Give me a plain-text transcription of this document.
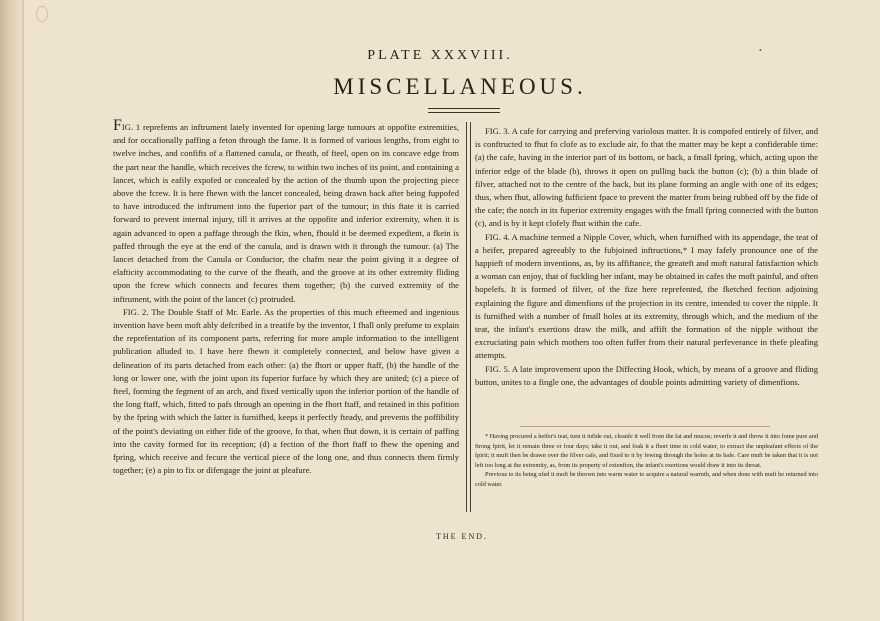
PLATE XXXVIII.
MISCELLANEOUS.
•

FIG. 1 reprefents an inftrument lately invented for opening large tumours at oppofite extremities, and for occafionally paffing a feton through the fame. It is formed of various lengths, from eight to twelve inches, and confifts of a flattened canula, or fheath, of fteel, open on its concave edge from the part near the handle, which receives the fcrew, to within two inches of its point, and containing a lancet, which is eafily expofed or concealed by the action of the thumb upon the projecting piece above the fcrew. It is here fhewn with the lancet concealed, being drawn back after being fuppofed to have introduced the inftrument into the fuperior part of the tumour; in this ftate it is carried forward to prevent internal injury, till it arrives at the oppofite and inferior extremity, when it is again advanced to open a paffage through the fkin, when, fhould it be deemed expedient, a fkein is paffed through the eye at the end of the canula, and is drawn with it through the tumour. (a) The lancet detached from the Canula or Conductor, the chafm near the point giving it a degree of elafticity accommodating to the curve of the fheath, and the groove at its other extremity fliding upon the fcrew which connects and fecures them together; (b) the curved extremity of the inftrument, with the point of the lancet (c) protruded.

FIG. 2. The Double Staff of Mr. Earle. As the properties of this much efteemed and ingenious invention have been moft ably defcribed in a treatife by the inventor, I fhall only prefume to explain the reprefentation of its component parts, referring for more ample information to the intelligent publication alluded to. I have here fhewn it completely connected, and below have given a delineation of its parts detached from each other: (a) the fhort or upper ftaff, (b) the handle of the long or lower one, with the joint upon its fuperior furface by which they are united; (c) a piece of fteel, forming the fegment of an arch, and fixed vertically upon the inferior portion of the handle of the long ftaff, which, fitted to pafs through an opening in the fhort ftaff, and retained in this pofition by the fpring with which the latter is furnifhed, keeps it perfectly fteady, and prevents the poffibility of the point's deviating on either fide of the groove, fo that, when fhut down, it is certain of paffing into the cavity formed for its reception; (d) a fection of the fhort ftaff to fhew the opening and fpring, which receive and fecure the vertical piece of the long one, and thus connects them firmly together; (e) a pin to fix or difengage the joint at pleafure.

FIG. 3. A cafe for carrying and preferving variolous matter. It is compofed entirely of filver, and is conftructed to fhut fo clofe as to exclude air, fo that the matter may be kept a confiderable time: (a) the cafe, having in the interior part of its bottom, or back, a fmall fpring, which, acting upon the inferior edge of the blade (b), throws it open on pulling back the button (c); (b) a thin blade of filver, attached not to the centre of the back, but its plane forming an angle with one of its edges; thus, when fhut, allowing fufficient fpace to prevent the matter from being rubbed off by the fide of the cafe; the notch in its fuperior extremity engages with the fmall fpring connected with the button (c), and is by it kept clofely fhut within the cafe.

FIG. 4. A machine termed a Nipple Cover, which, when furnifhed with its appendage, the teat of a heifer, prepared agreeably to the fubjoined inftructions,* I may fafely pronounce one of the happieft of modern inventions, as, by its affiftance, the greateft and moft natural fatisfaction which a woman can enjoy, that of fuckling her infant, may be obtained in cafes the moft painful, and often hopelefs. It is formed of filver, of the fize here reprefented, the fketched fection adjoining explaining the figure and dimenfions of the projection in its centre, intended to cover the nipple. It is furnifhed with a number of fmall holes at its extremity, through which, and the medium of the teat, the infant's exertions draw the milk, and affift the formation of the nipple without the excruciating pain which mothers too often fuffer from their natural perfeverance in thefe pleafing attempts.

FIG. 5. A late improvement upon the Diffecting Hook, which, by means of a groove and fliding button, unites to a fingle one, the advantages of double points admitting variety of dimenfions.

* Having procured a heifer's teat, turn it infide out, cleanfe it well from the fat and mucus; reverfe it and throw it into fome pure and ftrong fpirit, let it remain three or four days; take it out, and foak it a fhort time in cold water, to extract the unpleafant effects of the fpirit; it muft then be drawn over the filver cafe, and fixed to it by fewing through the holes at its bafe. Care muft be taken that it is not left too long at the extremity, as, from its property of extenfion, the infant's exertions would draw it into its throat.

Previous to its being ufed it muft be thrown into warm water to acquire a natural warmth, and when done with muft be returned into cold water.

THE END.
